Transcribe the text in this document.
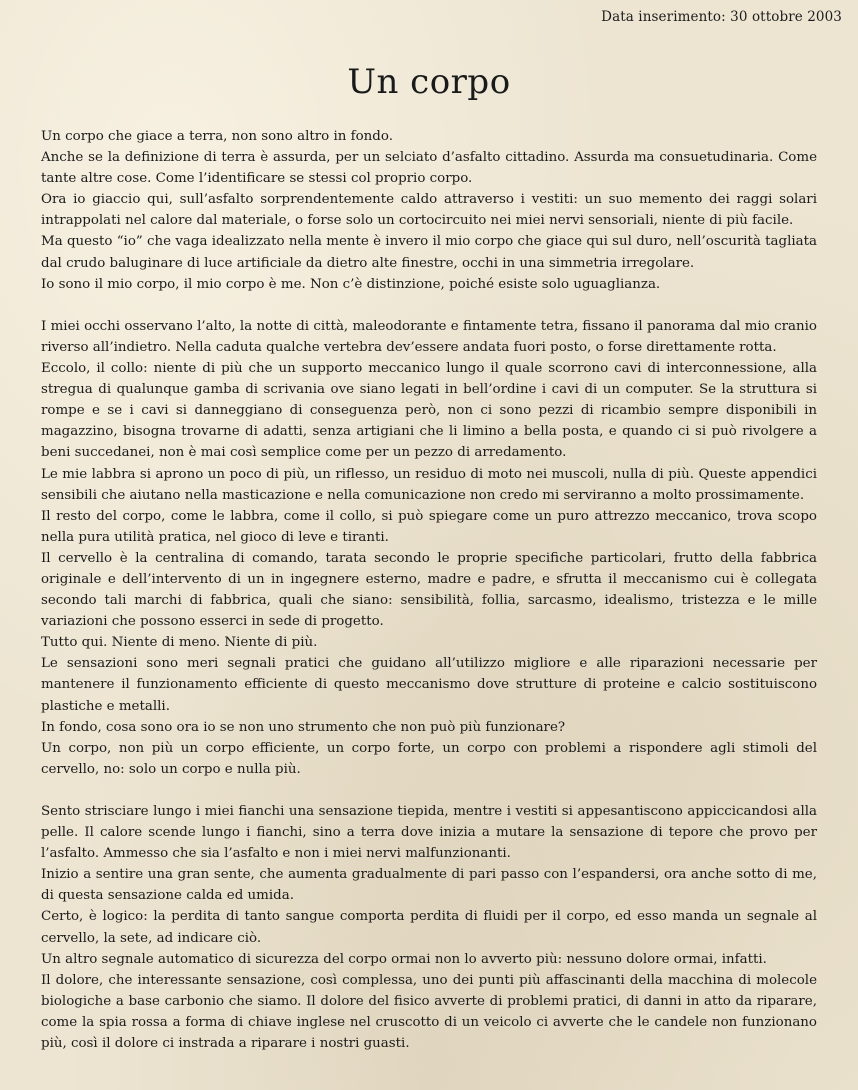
Data inserimento: 30 ottobre 2003
Un corpo

Un corpo che giace a terra, non sono altro in fondo.

Anche se la definizione di terra è assurda, per un selciato d’asfalto cittadino. Assurda ma consuetudinaria. Come tante altre cose. Come l’identificare se stessi col proprio corpo.

Ora io giaccio qui, sull’asfalto sorprendentemente caldo attraverso i vestiti: un suo memento dei raggi solari intrappolati nel calore dal materiale, o forse solo un cortocircuito nei miei nervi sensoriali, niente di più facile.

Ma questo “io” che vaga idealizzato nella mente è invero il mio corpo che giace qui sul duro, nell’oscurità tagliata dal crudo baluginare di luce artificiale da dietro alte finestre, occhi in una simmetria irregolare.

Io sono il mio corpo, il mio corpo è me. Non c’è distinzione, poiché esiste solo uguaglianza.

I miei occhi osservano l’alto, la notte di città, maleodorante e fintamente tetra, fissano il panorama dal mio cranio riverso all’indietro. Nella caduta qualche vertebra dev’essere andata fuori posto, o forse direttamente rotta.

Eccolo, il collo: niente di più che un supporto meccanico lungo il quale scorrono cavi di interconnessione, alla stregua di qualunque gamba di scrivania ove siano legati in bell’ordine i cavi di un computer. Se la struttura si rompe e se i cavi si danneggiano di conseguenza però, non ci sono pezzi di ricambio sempre disponibili in magazzino, bisogna trovarne di adatti, senza artigiani che li limino a bella posta, e quando ci si può rivolgere a beni succedanei, non è mai così semplice come per un pezzo di arredamento.

Le mie labbra si aprono un poco di più, un riflesso, un residuo di moto nei muscoli, nulla di più. Queste appendici sensibili che aiutano nella masticazione e nella comunicazione non credo mi serviranno a molto prossimamente.

Il resto del corpo, come le labbra, come il collo, si può spiegare come un puro attrezzo meccanico, trova scopo nella pura utilità pratica, nel gioco di leve e tiranti.

Il cervello è la centralina di comando, tarata secondo le proprie specifiche particolari, frutto della fabbrica originale e dell’intervento di un in ingegnere esterno, madre e padre, e sfrutta il meccanismo cui è collegata secondo tali marchi di fabbrica, quali che siano: sensibilità, follia, sarcasmo, idealismo, tristezza e le mille variazioni che possono esserci in sede di progetto.

Tutto qui. Niente di meno. Niente di più.

Le sensazioni sono meri segnali pratici che guidano all’utilizzo migliore e alle riparazioni necessarie per mantenere il funzionamento efficiente di questo meccanismo dove strutture di proteine e calcio sostituiscono plastiche e metalli.

In fondo, cosa sono ora io se non uno strumento che non può più funzionare?

Un corpo, non più un corpo efficiente, un corpo forte, un corpo con problemi a rispondere agli stimoli del cervello, no: solo un corpo e nulla più.

Sento strisciare lungo i miei fianchi una sensazione tiepida, mentre i vestiti si appesantiscono appiccicandosi alla pelle. Il calore scende lungo i fianchi, sino a terra dove inizia a mutare la sensazione di tepore che provo per l’asfalto. Ammesso che sia l’asfalto e non i miei nervi malfunzionanti.

Inizio a sentire una gran sente, che aumenta gradualmente di pari passo con l’espandersi, ora anche sotto di me, di questa sensazione calda ed umida.

Certo, è logico: la perdita di tanto sangue comporta perdita di fluidi per il corpo, ed esso manda un segnale al cervello, la sete, ad indicare ciò.

Un altro segnale automatico di sicurezza del corpo ormai non lo avverto più: nessuno dolore ormai, infatti.

Il dolore, che interessante sensazione, così complessa, uno dei punti più affascinanti della macchina di molecole biologiche a base carbonio che siamo. Il dolore del fisico avverte di problemi pratici, di danni in atto da riparare, come la spia rossa a forma di chiave inglese nel cruscotto di un veicolo ci avverte che le candele non funzionano più, così il dolore ci instrada a riparare i nostri guasti.
